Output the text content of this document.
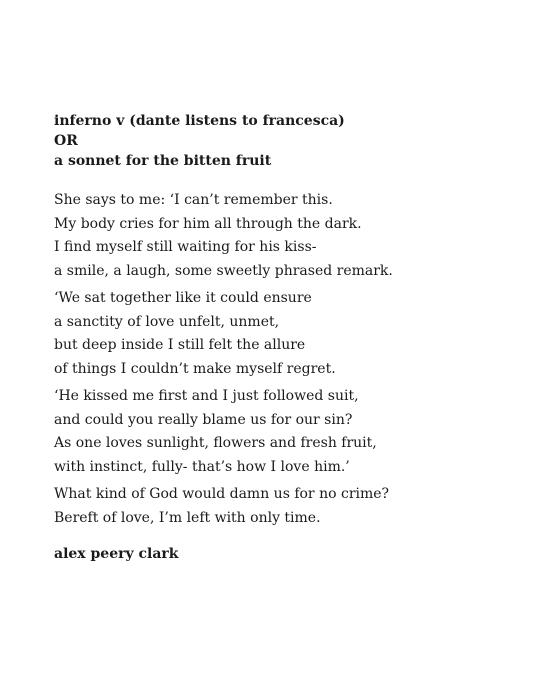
inferno v (dante listens to francesca)
OR
a sonnet for the bitten fruit

She says to me: ‘I can’t remember this.
My body cries for him all through the dark.
I find myself still waiting for his kiss-
a smile, a laugh, some sweetly phrased remark.

‘We sat together like it could ensure
a sanctity of love unfelt, unmet,
but deep inside I still felt the allure
of things I couldn’t make myself regret.

‘He kissed me first and I just followed suit,
and could you really blame us for our sin?
As one loves sunlight, flowers and fresh fruit,
with instinct, fully- that’s how I love him.’

What kind of God would damn us for no crime?
Bereft of love, I’m left with only time.

alex peery clark
